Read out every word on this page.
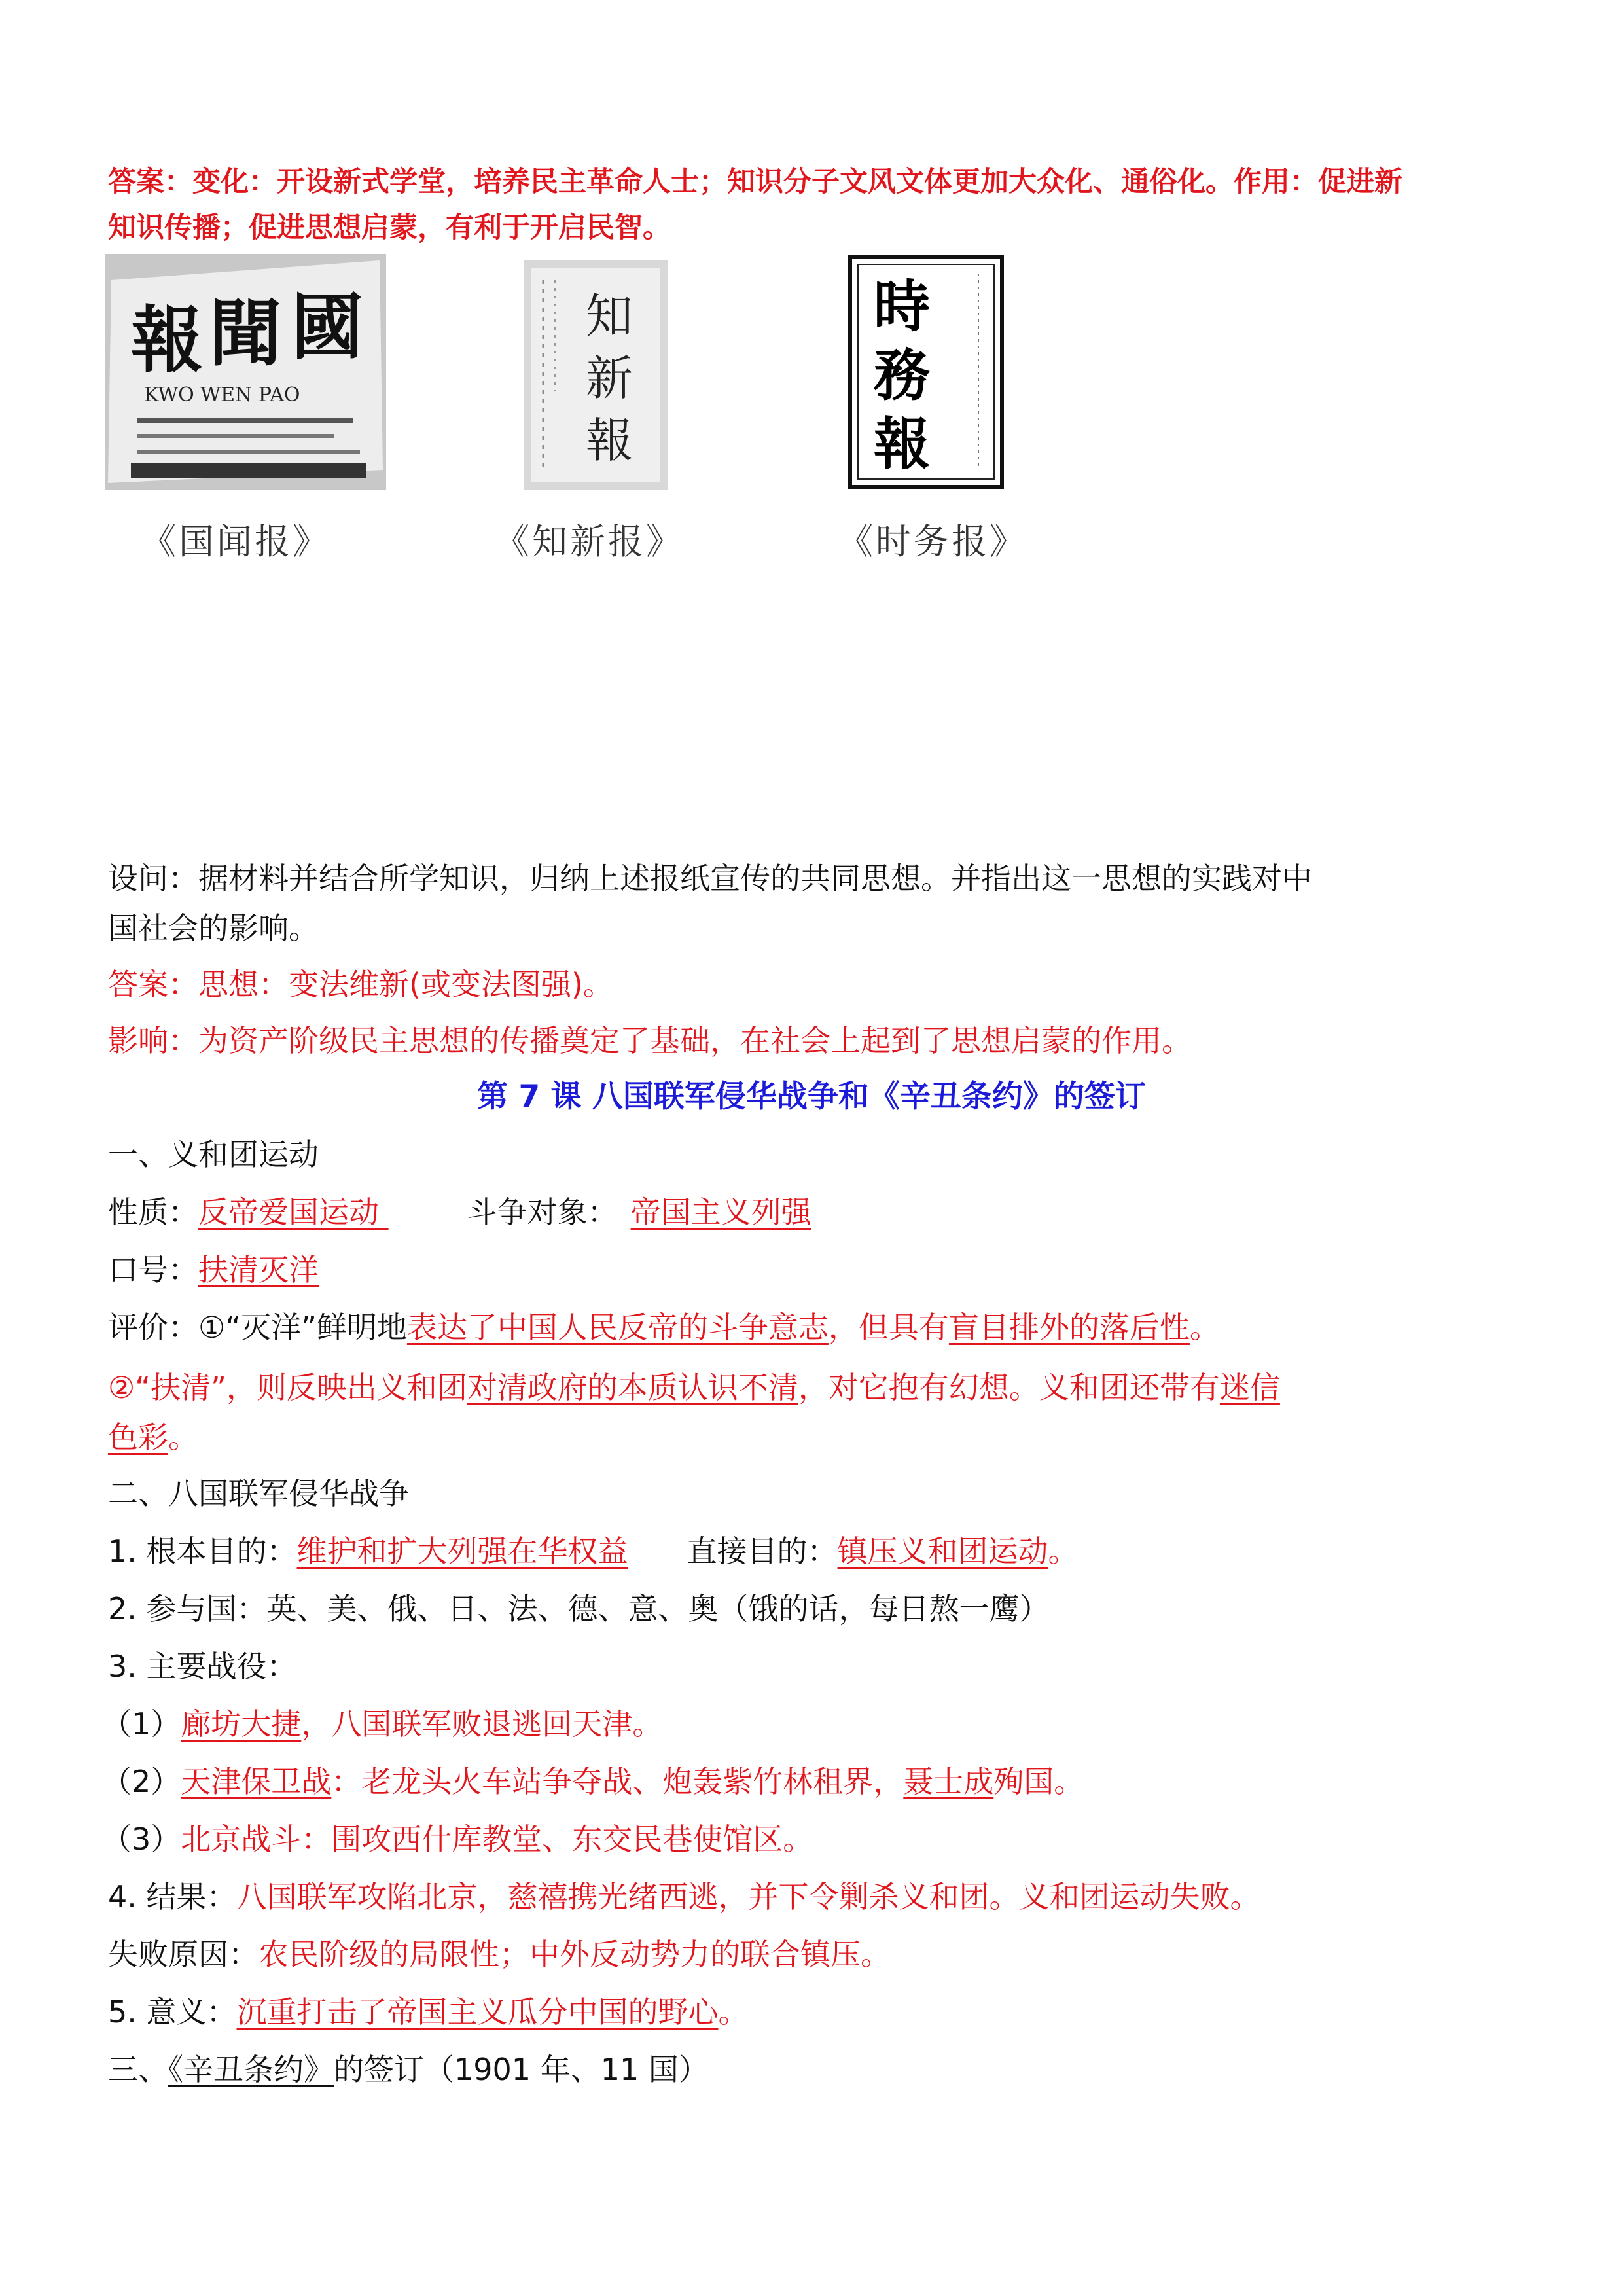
答案：变化：开设新式学堂，培养民主革命人士；知识分子文风文体更加大众化、通俗化。作用：促进新
知识传播；促进思想启蒙，有利于开启民智。
報 聞 國
KWO WEN PAO
《国闻报》
知
新
報
《知新报》
時
務
報
《时务报》
设问：据材料并结合所学知识，归纳上述报纸宣传的共同思想。并指出这一思想的实践对中
国社会的影响。
答案：思想：变法维新(或变法图强)。
影响：为资产阶级民主思想的传播奠定了基础，在社会上起到了思想启蒙的作用。
第 7 课 八国联军侵华战争和《辛丑条约》的签订
一、义和团运动
性质：反帝爱国运动	斗争对象： 帝国主义列强
口号：扶清灭洋
评价：①“灭洋”鲜明地表达了中国人民反帝的斗争意志，但具有盲目排外的落后性。
②“扶清”，则反映出义和团对清政府的本质认识不清，对它抱有幻想。义和团还带有迷信
色彩。
二、八国联军侵华战争
1. 根本目的：维护和扩大列强在华权益 直接目的：镇压义和团运动。
2. 参与国：英、美、俄、日、法、德、意、奥（饿的话，每日熬一鹰）
3. 主要战役：
（1）廊坊大捷，八国联军败退逃回天津。
（2）天津保卫战：老龙头火车站争夺战、炮轰紫竹林租界，聂士成殉国。
（3）北京战斗：围攻西什库教堂、东交民巷使馆区。
4. 结果：八国联军攻陷北京，慈禧携光绪西逃，并下令剿杀义和团。义和团运动失败。
失败原因：农民阶级的局限性；中外反动势力的联合镇压。
5. 意义：沉重打击了帝国主义瓜分中国的野心。
三、《辛丑条约》的签订（1901 年、11 国）
